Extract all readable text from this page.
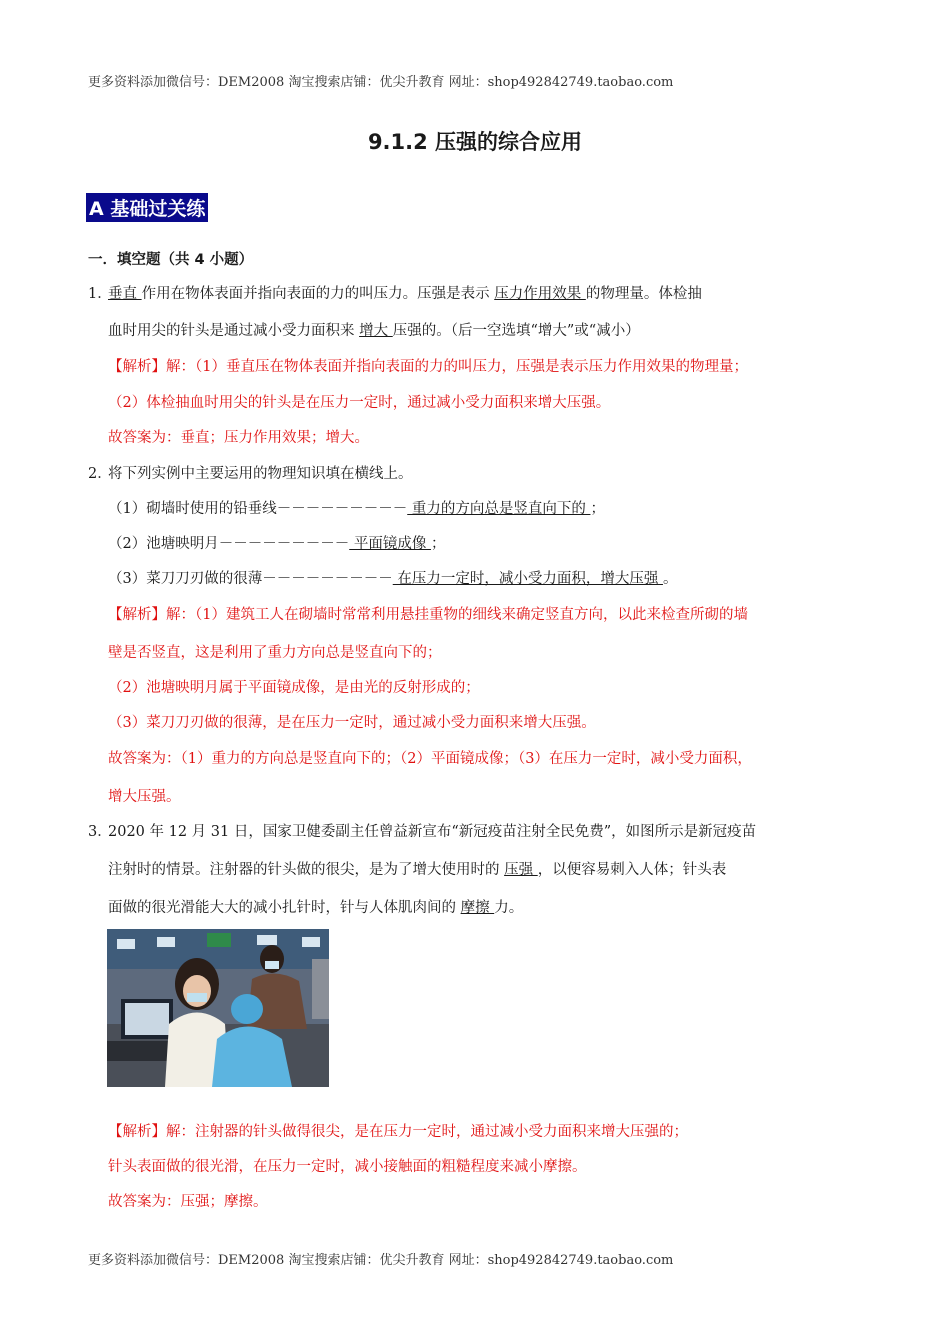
更多资料添加微信号：DEM2008 淘宝搜索店铺：优尖升教育 网址：shop492842749.taobao.com
9.1.2 压强的综合应用
A 基础过关练
一．填空题（共 4 小题）
1．
垂直 作用在物体表面并指向表面的力的叫压力。压强是表示 压力作用效果 的物理量。体检抽
血时用尖的针头是通过减小受力面积来 增大 压强的。（后一空选填“增大”或“减小）
【解析】解：（1）垂直压在物体表面并指向表面的力的叫压力，压强是表示压力作用效果的物理量；
（2）体检抽血时用尖的针头是在压力一定时，通过减小受力面积来增大压强。
故答案为：垂直；压力作用效果；增大。
2．
将下列实例中主要运用的物理知识填在横线上。
（1）砌墙时使用的铅垂线－－－－－－－－－ 重力的方向总是竖直向下的 ；
（2）池塘映明月－－－－－－－－－ 平面镜成像 ；
（3）菜刀刀刃做的很薄－－－－－－－－－ 在压力一定时，减小受力面积，增大压强 。
【解析】解：（1）建筑工人在砌墙时常常利用悬挂重物的细线来确定竖直方向，以此来检查所砌的墙
壁是否竖直，这是利用了重力方向总是竖直向下的；
（2）池塘映明月属于平面镜成像，是由光的反射形成的；
（3）菜刀刀刃做的很薄，是在压力一定时，通过减小受力面积来增大压强。
故答案为：（1）重力的方向总是竖直向下的；（2）平面镜成像；（3）在压力一定时，减小受力面积，
增大压强。
3．
2020 年 12 月 31 日，国家卫健委副主任曾益新宣布“新冠疫苗注射全民免费”，如图所示是新冠疫苗
注射时的情景。注射器的针头做的很尖，是为了增大使用时的 压强 ，以便容易刺入人体；针头表
面做的很光滑能大大的减小扎针时，针与人体肌肉间的 摩擦 力。
【解析】解：注射器的针头做得很尖，是在压力一定时，通过减小受力面积来增大压强的；
针头表面做的很光滑，在压力一定时，减小接触面的粗糙程度来减小摩擦。
故答案为：压强；摩擦。
更多资料添加微信号：DEM2008 淘宝搜索店铺：优尖升教育 网址：shop492842749.taobao.com
